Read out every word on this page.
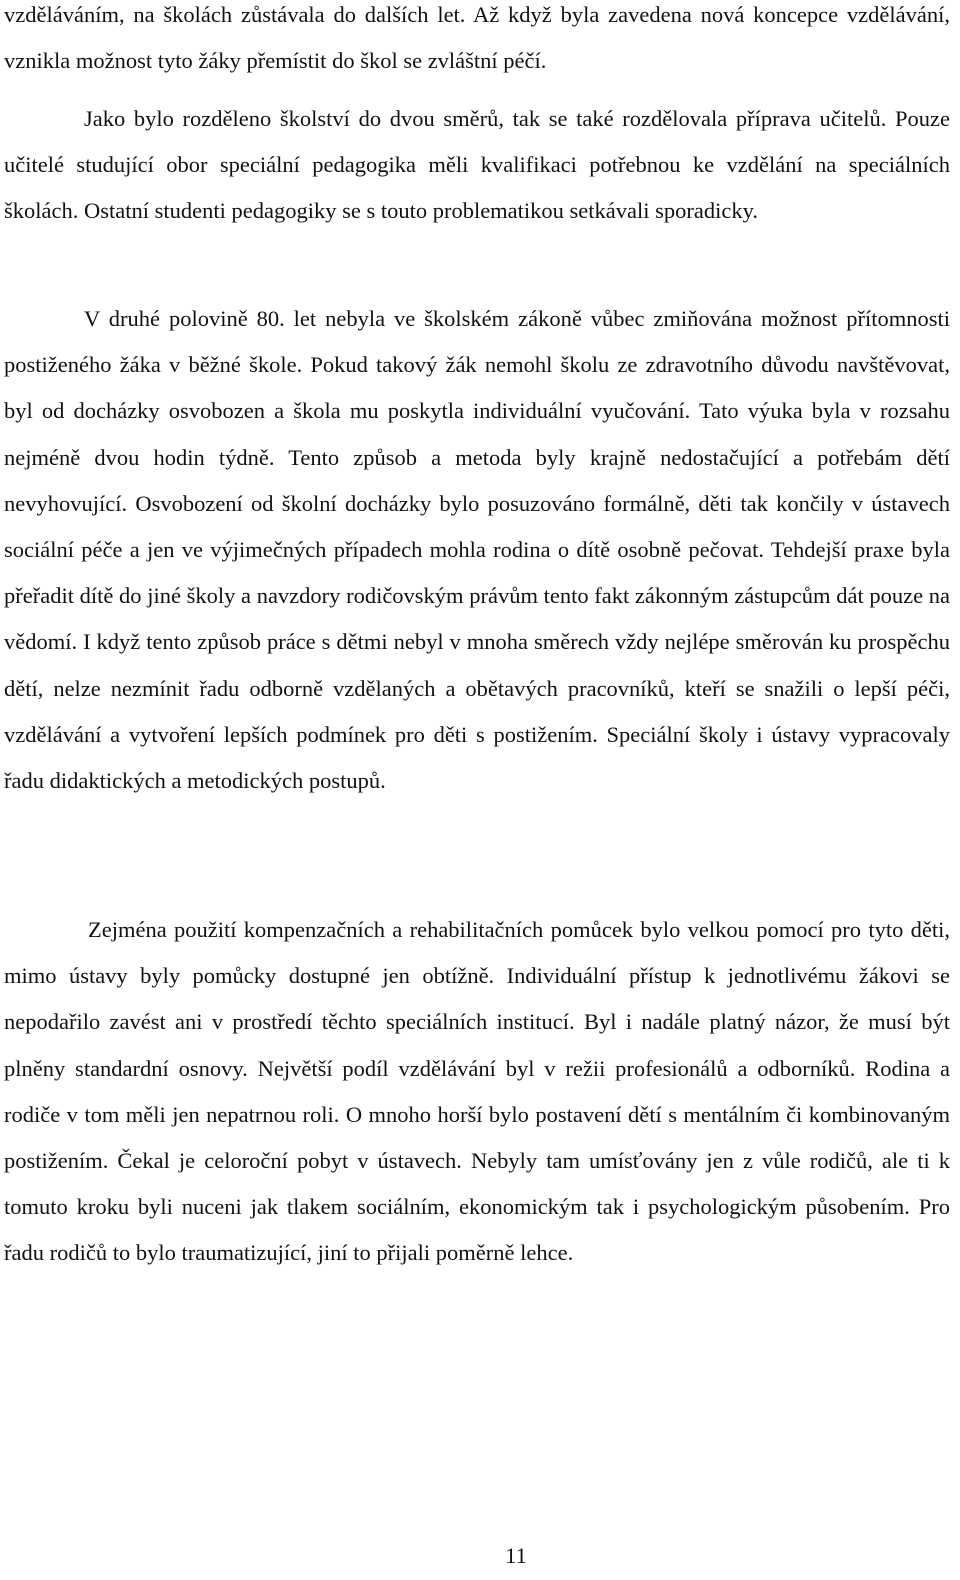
vzděláváním, na školách zůstávala do dalších let. Až když byla zavedena nová koncepce vzdělávání, vznikla možnost tyto žáky přemístit do škol se zvláštní péčí.

Jako bylo rozděleno školství do dvou směrů, tak se také rozdělovala příprava učitelů. Pouze učitelé studující obor speciální pedagogika měli kvalifikaci potřebnou ke vzdělání na speciálních školách. Ostatní studenti pedagogiky se s touto problematikou setkávali sporadicky.

V druhé polovině 80. let nebyla ve školském zákoně vůbec zmiňována možnost přítomnosti postiženého žáka v běžné škole. Pokud takový žák nemohl školu ze zdravotního důvodu navštěvovat, byl od docházky osvobozen a škola mu poskytla individuální vyučování. Tato výuka byla v rozsahu nejméně dvou hodin týdně. Tento způsob a metoda byly krajně nedostačující a potřebám dětí nevyhovující. Osvobození od školní docházky bylo posuzováno formálně, děti tak končily v ústavech sociální péče a jen ve výjimečných případech mohla rodina o dítě osobně pečovat. Tehdejší praxe byla přeřadit dítě do jiné školy a navzdory rodičovským právům tento fakt zákonným zástupcům dát pouze na vědomí. I když tento způsob práce s dětmi nebyl v mnoha směrech vždy nejlépe směrován ku prospěchu dětí, nelze nezmínit řadu odborně vzdělaných a obětavých pracovníků, kteří se snažili o lepší péči, vzdělávání a vytvoření lepších podmínek pro děti s postižením. Speciální školy i ústavy vypracovaly řadu didaktických a metodických postupů.

Zejména použití kompenzačních a rehabilitačních pomůcek bylo velkou pomocí pro tyto děti, mimo ústavy byly pomůcky dostupné jen obtížně. Individuální přístup k jednotlivému žákovi se nepodařilo zavést ani v prostředí těchto speciálních institucí. Byl i nadále platný názor, že musí být plněny standardní osnovy. Největší podíl vzdělávání byl v režii profesionálů a odborníků. Rodina a rodiče v tom měli jen nepatrnou roli. O mnoho horší bylo postavení dětí s mentálním či kombinovaným postižením. Čekal je celoroční pobyt v ústavech. Nebyly tam umísťovány jen z vůle rodičů, ale ti k tomuto kroku byli nuceni jak tlakem sociálním, ekonomickým tak i psychologickým působením. Pro řadu rodičů to bylo traumatizující, jiní to přijali poměrně lehce.

11
